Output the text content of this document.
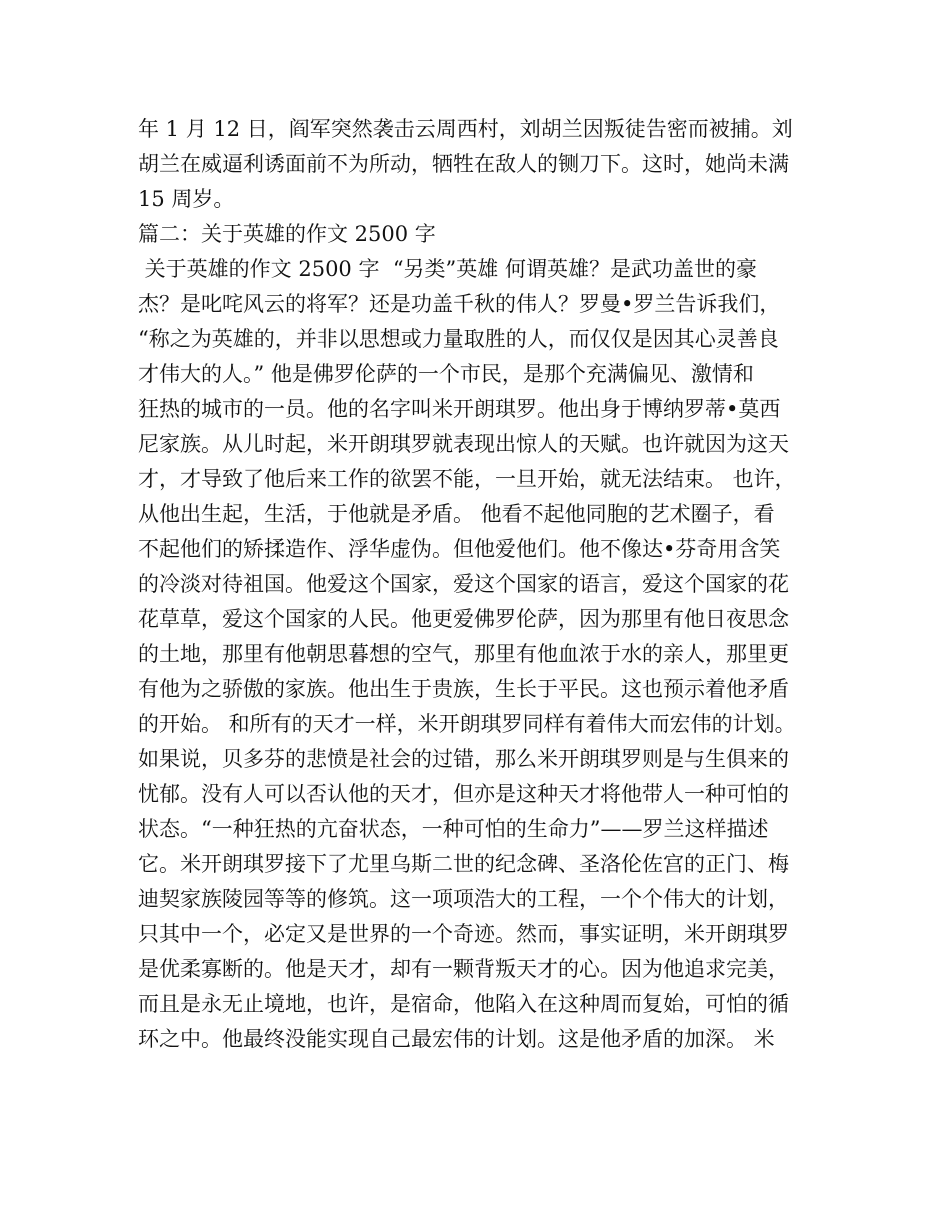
年 1 月 12 日，阎军突然袭击云周西村，刘胡兰因叛徒告密而被捕。刘
胡兰在威逼利诱面前不为所动，牺牲在敌人的铡刀下。这时，她尚未满
15 周岁。
篇二：关于英雄的作文 2500 字
关于英雄的作文 2500 字  “另类”英雄 何谓英雄？是武功盖世的豪
杰？是叱咤风云的将军？还是功盖千秋的伟人？罗曼•罗兰告诉我们，
“称之为英雄的，并非以思想或力量取胜的人，而仅仅是因其心灵善良
才伟大的人。” 他是佛罗伦萨的一个市民，是那个充满偏见、激情和
狂热的城市的一员。他的名字叫米开朗琪罗。他出身于博纳罗蒂•莫西
尼家族。从儿时起，米开朗琪罗就表现出惊人的天赋。也许就因为这天
才，才导致了他后来工作的欲罢不能，一旦开始，就无法结束。 也许，
从他出生起，生活，于他就是矛盾。 他看不起他同胞的艺术圈子，看
不起他们的矫揉造作、浮华虚伪。但他爱他们。他不像达•芬奇用含笑
的冷淡对待祖国。他爱这个国家，爱这个国家的语言，爱这个国家的花
花草草，爱这个国家的人民。他更爱佛罗伦萨，因为那里有他日夜思念
的土地，那里有他朝思暮想的空气，那里有他血浓于水的亲人，那里更
有他为之骄傲的家族。他出生于贵族，生长于平民。这也预示着他矛盾
的开始。 和所有的天才一样，米开朗琪罗同样有着伟大而宏伟的计划。
如果说，贝多芬的悲愤是社会的过错，那么米开朗琪罗则是与生俱来的
忧郁。没有人可以否认他的天才，但亦是这种天才将他带人一种可怕的
状态。“一种狂热的亢奋状态，一种可怕的生命力”——罗兰这样描述
它。米开朗琪罗接下了尤里乌斯二世的纪念碑、圣洛伦佐宫的正门、梅
迪契家族陵园等等的修筑。这一项项浩大的工程，一个个伟大的计划，
只其中一个，必定又是世界的一个奇迹。然而，事实证明，米开朗琪罗
是优柔寡断的。他是天才，却有一颗背叛天才的心。因为他追求完美，
而且是永无止境地，也许，是宿命，他陷入在这种周而复始，可怕的循
环之中。他最终没能实现自己最宏伟的计划。这是他矛盾的加深。 米
